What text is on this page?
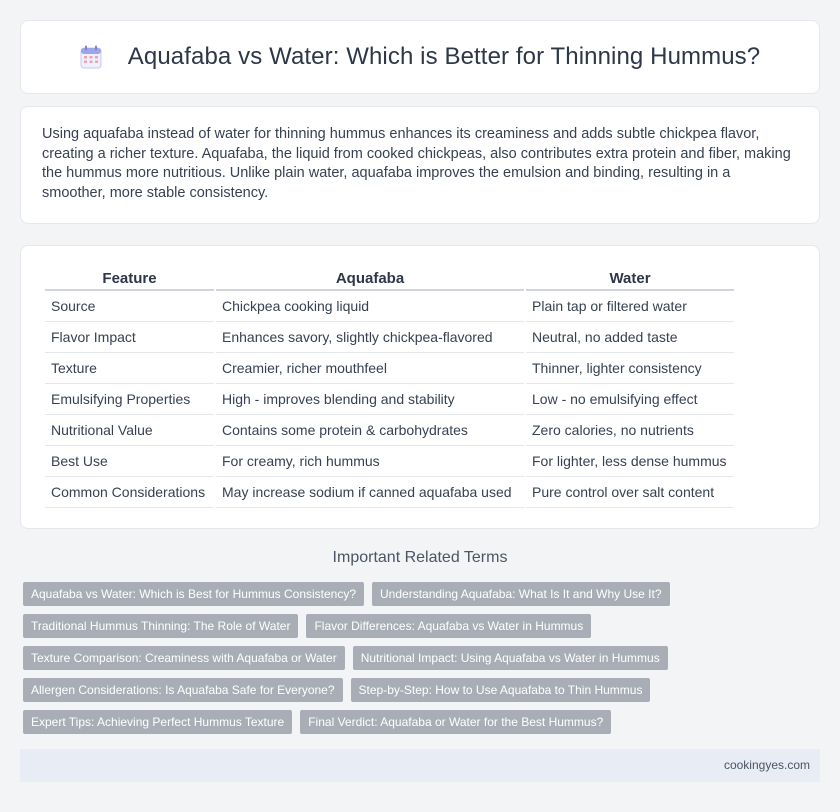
Aquafaba vs Water: Which is Better for Thinning Hummus?

Using aquafaba instead of water for thinning hummus enhances its creaminess and adds subtle chickpea flavor, creating a richer texture. Aquafaba, the liquid from cooked chickpeas, also contributes extra protein and fiber, making the hummus more nutritious. Unlike plain water, aquafaba improves the emulsion and binding, resulting in a smoother, more stable consistency.

Feature	Aquafaba	Water
Source	Chickpea cooking liquid	Plain tap or filtered water
Flavor Impact	Enhances savory, slightly chickpea-flavored	Neutral, no added taste
Texture	Creamier, richer mouthfeel	Thinner, lighter consistency
Emulsifying Properties	High - improves blending and stability	Low - no emulsifying effect
Nutritional Value	Contains some protein & carbohydrates	Zero calories, no nutrients
Best Use	For creamy, rich hummus	For lighter, less dense hummus
Common Considerations	May increase sodium if canned aquafaba used	Pure control over salt content
Important Related Terms
Aquafaba vs Water: Which is Best for Hummus Consistency?	Understanding Aquafaba: What Is It and Why Use It?
Traditional Hummus Thinning: The Role of Water	Flavor Differences: Aquafaba vs Water in Hummus
Texture Comparison: Creaminess with Aquafaba or Water	Nutritional Impact: Using Aquafaba vs Water in Hummus
Allergen Considerations: Is Aquafaba Safe for Everyone?	Step-by-Step: How to Use Aquafaba to Thin Hummus
Expert Tips: Achieving Perfect Hummus Texture	Final Verdict: Aquafaba or Water for the Best Hummus?
cookingyes.com
